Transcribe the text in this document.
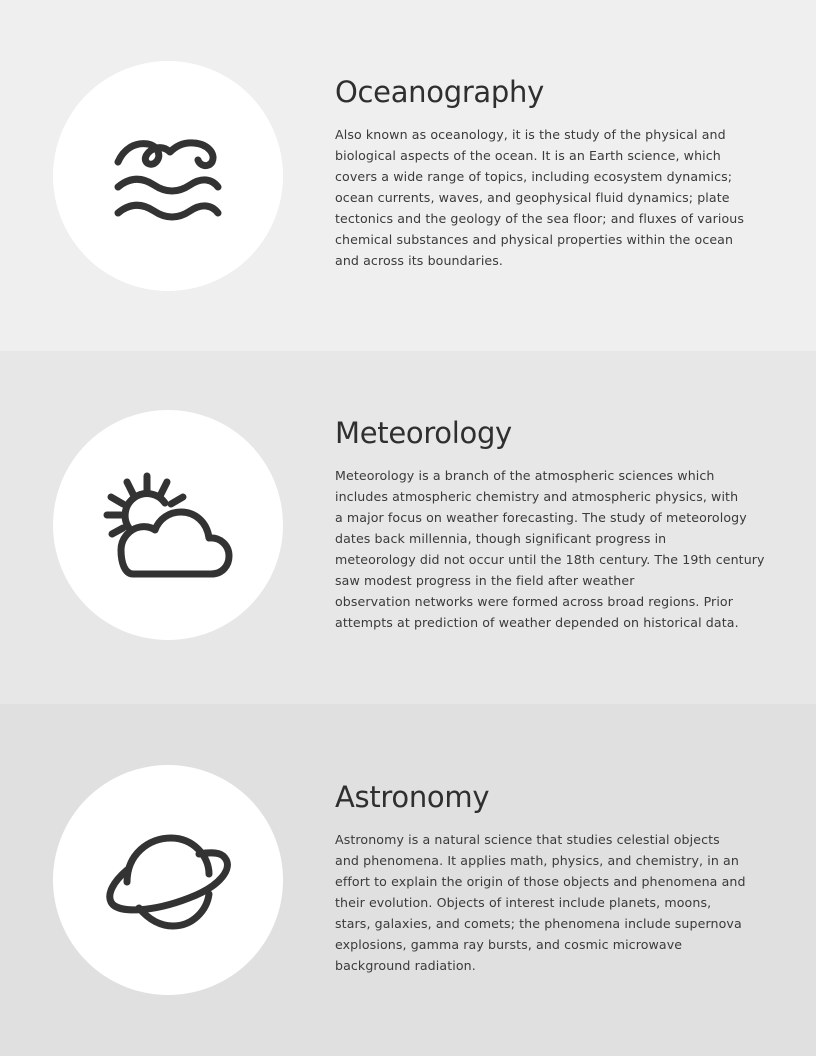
Oceanography

Also known as oceanology, it is the study of the physical and
biological aspects of the ocean. It is an Earth science, which
covers a wide range of topics, including ecosystem dynamics;
ocean currents, waves, and geophysical fluid dynamics; plate
tectonics and the geology of the sea floor; and fluxes of various
chemical substances and physical properties within the ocean
and across its boundaries.

Meteorology

Meteorology is a branch of the atmospheric sciences which
includes atmospheric chemistry and atmospheric physics, with
a major focus on weather forecasting. The study of meteorology
dates back millennia, though significant progress in
meteorology did not occur until the 18th century. The 19th century
saw modest progress in the field after weather
observation networks were formed across broad regions. Prior
attempts at prediction of weather depended on historical data.

Astronomy

Astronomy is a natural science that studies celestial objects
and phenomena. It applies math, physics, and chemistry, in an
effort to explain the origin of those objects and phenomena and
their evolution. Objects of interest include planets, moons,
stars, galaxies, and comets; the phenomena include supernova
explosions, gamma ray bursts, and cosmic microwave
background radiation.
